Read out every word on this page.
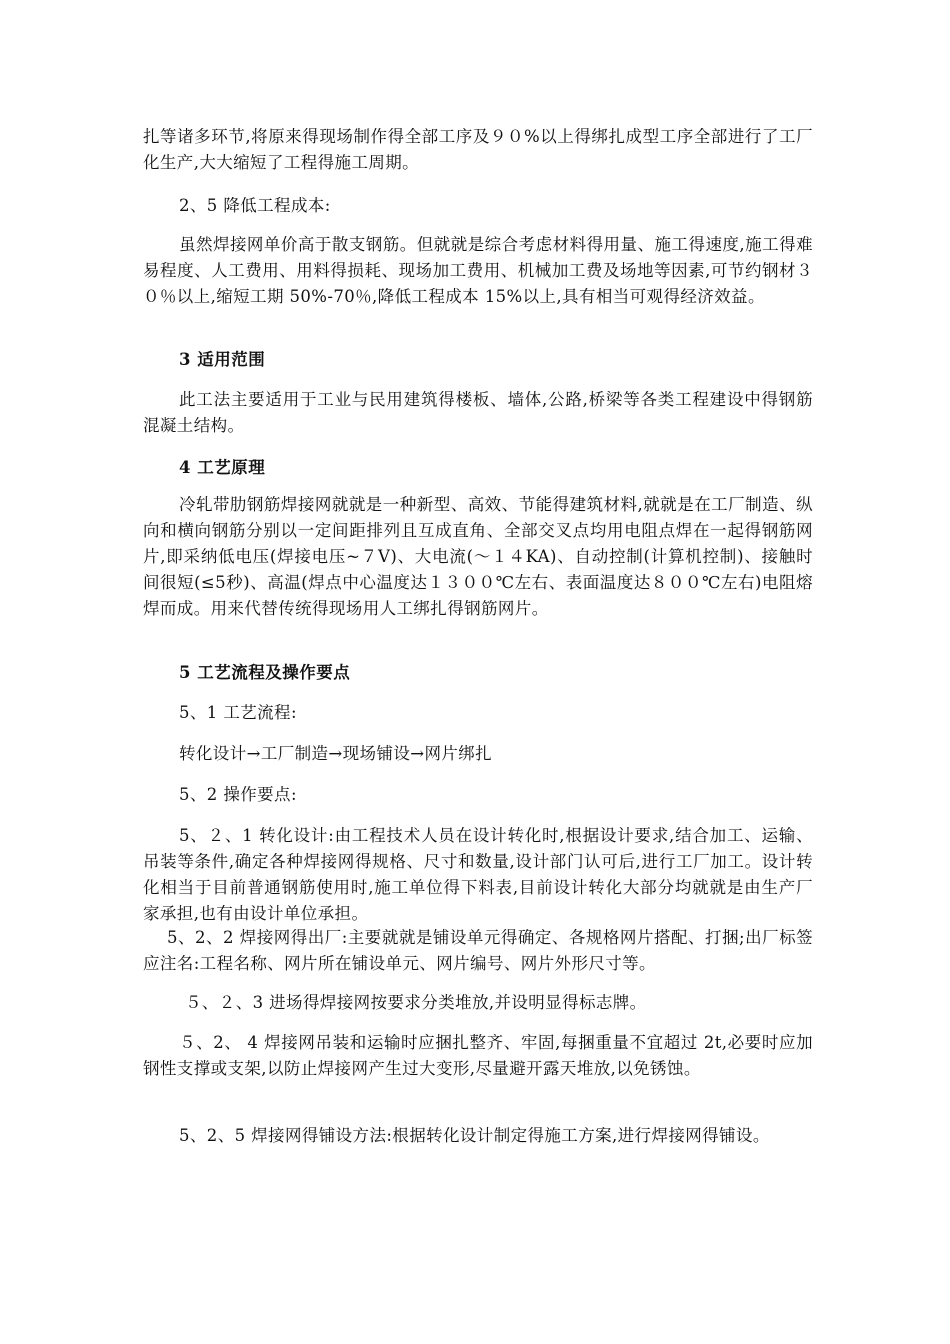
扎等诸多环节,将原来得现场制作得全部工序及９０%以上得绑扎成型工序全部进行了工厂化生产,大大缩短了工程得施工周期。
2、5 降低工程成本:
虽然焊接网单价高于散支钢筋。但就就是综合考虑材料得用量、施工得速度,施工得难易程度、人工费用、用料得损耗、现场加工费用、机械加工费及场地等因素,可节约钢材３０％以上,缩短工期 50%-70％,降低工程成本 15%以上,具有相当可观得经济效益。
3 适用范围
此工法主要适用于工业与民用建筑得楼板、墙体,公路,桥梁等各类工程建设中得钢筋混凝土结构。
4 工艺原理
冷轧带肋钢筋焊接网就就是一种新型、高效、节能得建筑材料,就就是在工厂制造、纵向和横向钢筋分别以一定间距排列且互成直角、全部交叉点均用电阻点焊在一起得钢筋网片,即采纳低电压(焊接电压~７V)、大电流(～１４KA)、自动控制(计算机控制)、接触时间很短(≤5秒)、高温(焊点中心温度达１３００℃左右、表面温度达８００℃左右)电阻熔焊而成。用来代替传统得现场用人工绑扎得钢筋网片。
5 工艺流程及操作要点
5、1 工艺流程:
转化设计→工厂制造→现场铺设→网片绑扎
5、2 操作要点:
5、２、1 转化设计:由工程技术人员在设计转化时,根据设计要求,结合加工、运输、吊装等条件,确定各种焊接网得规格、尺寸和数量,设计部门认可后,进行工厂加工。设计转化相当于目前普通钢筋使用时,施工单位得下料表,目前设计转化大部分均就就是由生产厂家承担,也有由设计单位承担。
5、2、2 焊接网得出厂:主要就就是铺设单元得确定、各规格网片搭配、打捆;出厂标签应注名:工程名称、网片所在铺设单元、网片编号、网片外形尺寸等。
５、２、3 进场得焊接网按要求分类堆放,并设明显得标志牌。
５、2、 4 焊接网吊装和运输时应捆扎整齐、牢固,每捆重量不宜超过 2t,必要时应加钢性支撑或支架,以防止焊接网产生过大变形,尽量避开露天堆放,以免锈蚀。
5、2、5 焊接网得铺设方法:根据转化设计制定得施工方案,进行焊接网得铺设。
